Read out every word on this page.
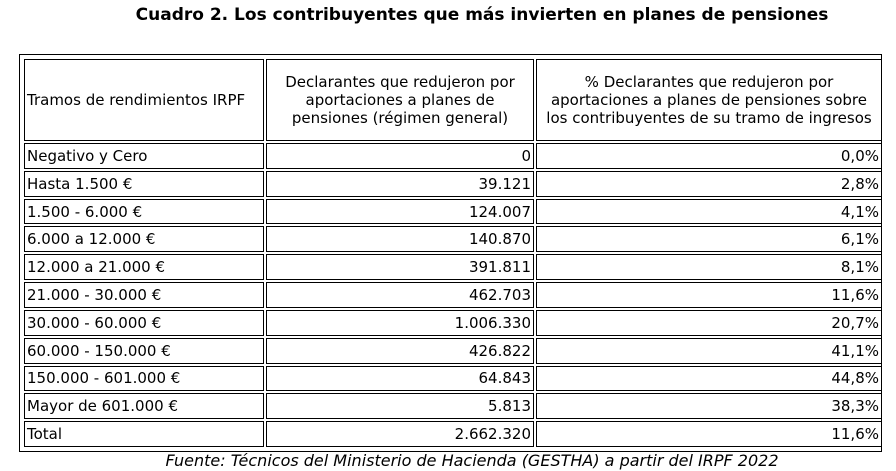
Cuadro 2. Los contribuyentes que más invierten en planes de pensiones
Tramos de rendimientos IRPF	Declarantes que redujeron por aportaciones a planes de pensiones (régimen general)	% Declarantes que redujeron por aportaciones a planes de pensiones sobre los contribuyentes de su tramo de ingresos
Negativo y Cero	0	0,0%
Hasta 1.500 €	39.121	2,8%
1.500 - 6.000 €	124.007	4,1%
6.000 a 12.000 €	140.870	6,1%
12.000 a 21.000 €	391.811	8,1%
21.000 - 30.000 €	462.703	11,6%
30.000 - 60.000 €	1.006.330	20,7%
60.000 - 150.000 €	426.822	41,1%
150.000 - 601.000 €	64.843	44,8%
Mayor de 601.000 €	5.813	38,3%
Total	2.662.320	11,6%
Fuente: Técnicos del Ministerio de Hacienda (GESTHA) a partir del IRPF 2022
